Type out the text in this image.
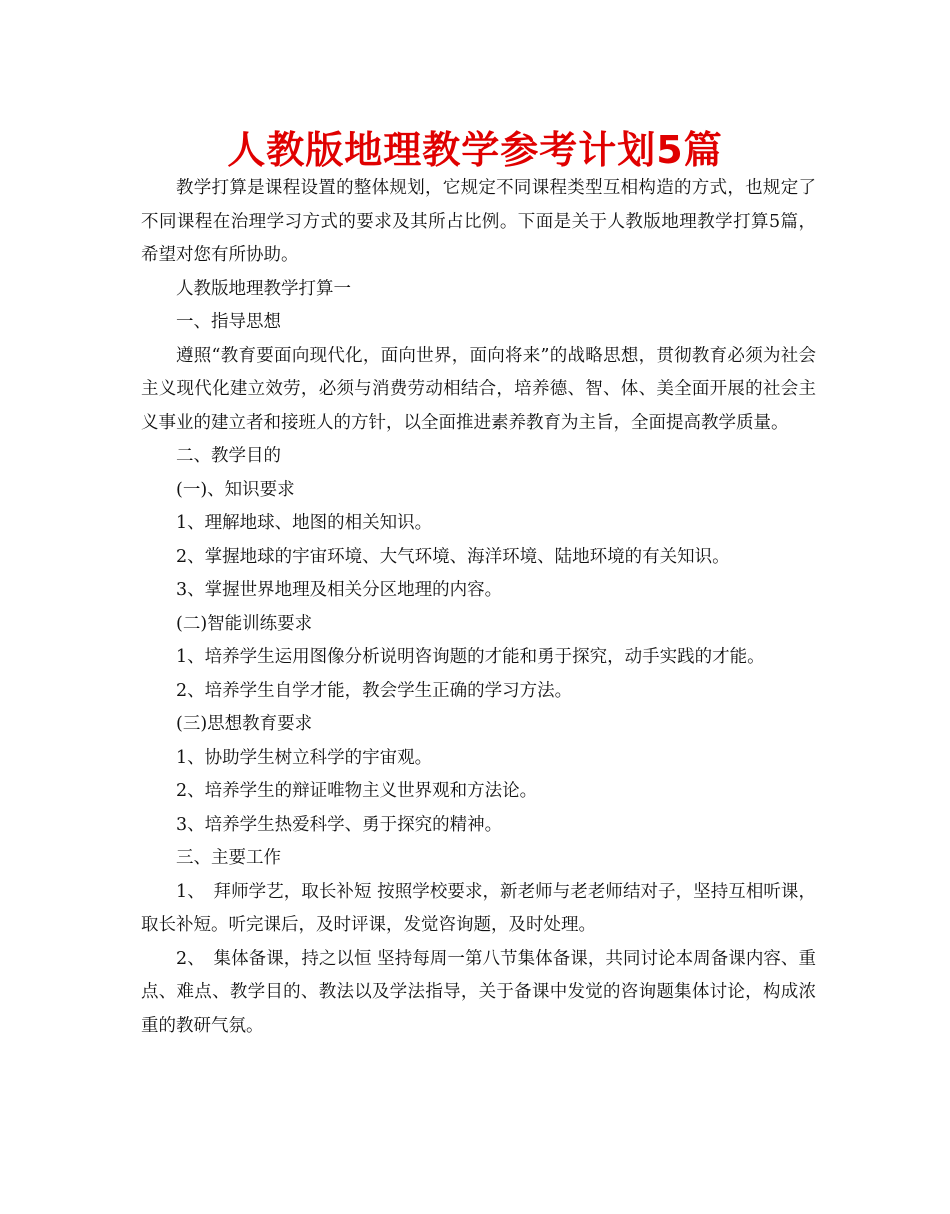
人教版地理教学参考计划5篇

教学打算是课程设置的整体规划，它规定不同课程类型互相构造的方式，也规定了不同课程在治理学习方式的要求及其所占比例。下面是关于人教版地理教学打算5篇，希望对您有所协助。

人教版地理教学打算一

一、指导思想

遵照“教育要面向现代化，面向世界，面向将来”的战略思想，贯彻教育必须为社会主义现代化建立效劳，必须与消费劳动相结合，培养德、智、体、美全面开展的社会主义事业的建立者和接班人的方针，以全面推进素养教育为主旨，全面提高教学质量。

二、教学目的

(一)、知识要求

1、理解地球、地图的相关知识。

2、掌握地球的宇宙环境、大气环境、海洋环境、陆地环境的有关知识。

3、掌握世界地理及相关分区地理的内容。

(二)智能训练要求

1、培养学生运用图像分析说明咨询题的才能和勇于探究，动手实践的才能。

2、培养学生自学才能，教会学生正确的学习方法。

(三)思想教育要求

1、协助学生树立科学的宇宙观。

2、培养学生的辩证唯物主义世界观和方法论。

3、培养学生热爱科学、勇于探究的精神。

三、主要工作

1、　拜师学艺，取长补短 按照学校要求，新老师与老老师结对子，坚持互相听课，取长补短。听完课后，及时评课，发觉咨询题，及时处理。

2、　集体备课，持之以恒 坚持每周一第八节集体备课，共同讨论本周备课内容、重点、难点、教学目的、教法以及学法指导，关于备课中发觉的咨询题集体讨论，构成浓重的教研气氛。
